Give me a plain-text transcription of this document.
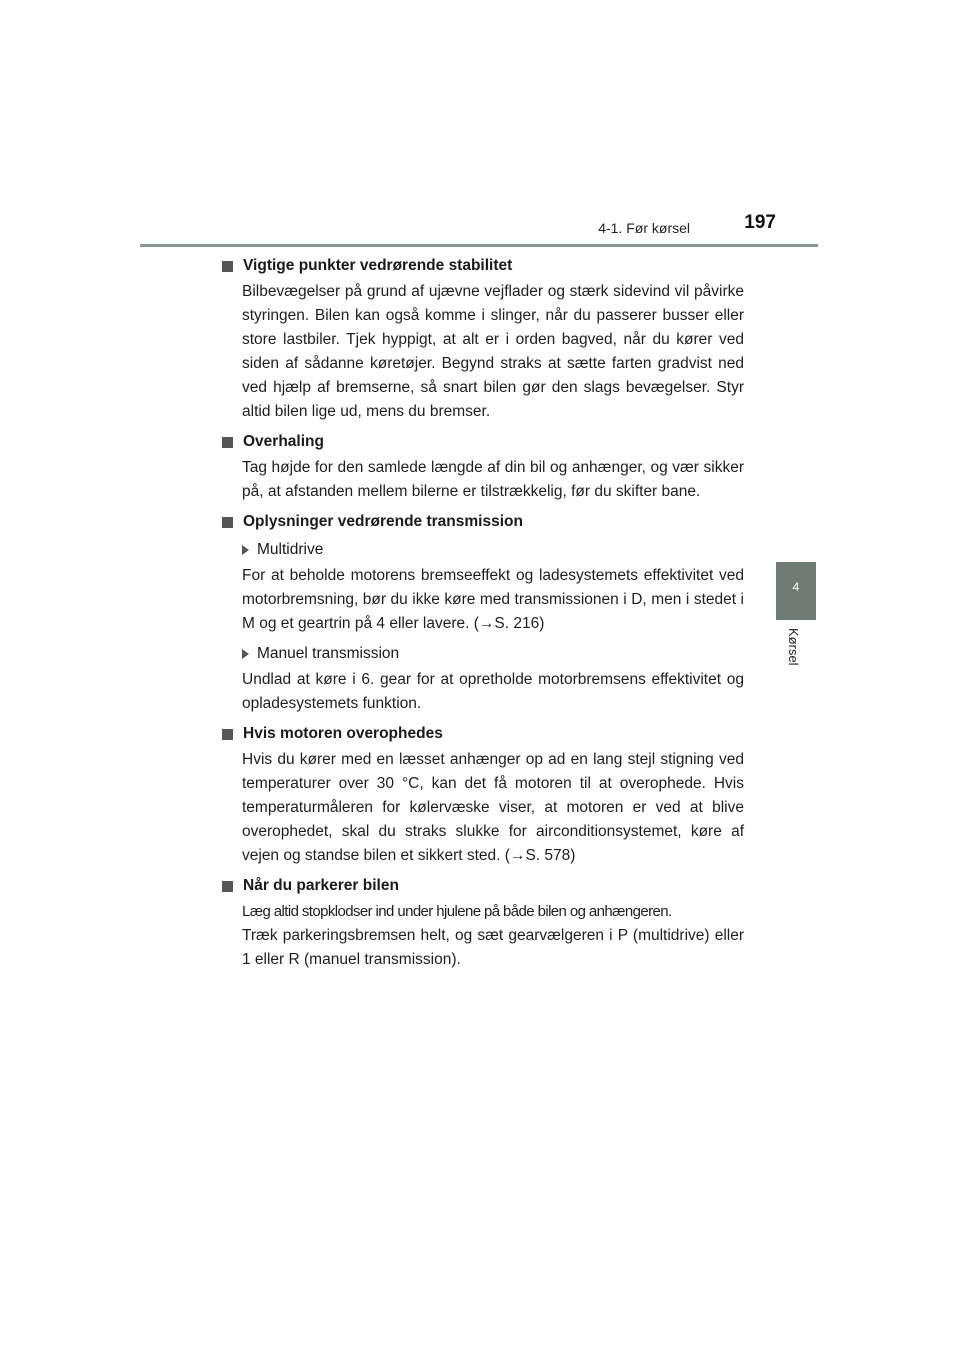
4-1. Før kørsel	197
4
Kørsel
Vigtige punkter vedrørende stabilitet

Bilbevægelser på grund af ujævne vejflader og stærk sidevind vil påvirke styringen. Bilen kan også komme i slinger, når du passerer busser eller store lastbiler. Tjek hyppigt, at alt er i orden bagved, når du kører ved siden af sådanne køretøjer. Begynd straks at sætte farten gradvist ned ved hjælp af bremserne, så snart bilen gør den slags bevægelser. Styr altid bilen lige ud, mens du bremser.

Overhaling

Tag højde for den samlede længde af din bil og anhænger, og vær sikker på, at afstanden mellem bilerne er tilstrækkelig, før du skifter bane.

Oplysninger vedrørende transmission
Multidrive

For at beholde motorens bremseeffekt og ladesystemets effektivitet ved motorbremsning, bør du ikke køre med transmissionen i D, men i stedet i M og et geartrin på 4 eller lavere. (→S. 216)

Manuel transmission

Undlad at køre i 6. gear for at opretholde motorbremsens effektivitet og opladesystemets funktion.

Hvis motoren overophedes

Hvis du kører med en læsset anhænger op ad en lang stejl stigning ved temperaturer over 30 °C, kan det få motoren til at overophede. Hvis temperaturmåleren for kølervæske viser, at motoren er ved at blive overophedet, skal du straks slukke for airconditionsystemet, køre af vejen og standse bilen et sikkert sted. (→S. 578)

Når du parkerer bilen

Læg altid stopklodser ind under hjulene på både bilen og anhængeren.

Træk parkeringsbremsen helt, og sæt gearvælgeren i P (multidrive) eller 1 eller R (manuel transmission).
